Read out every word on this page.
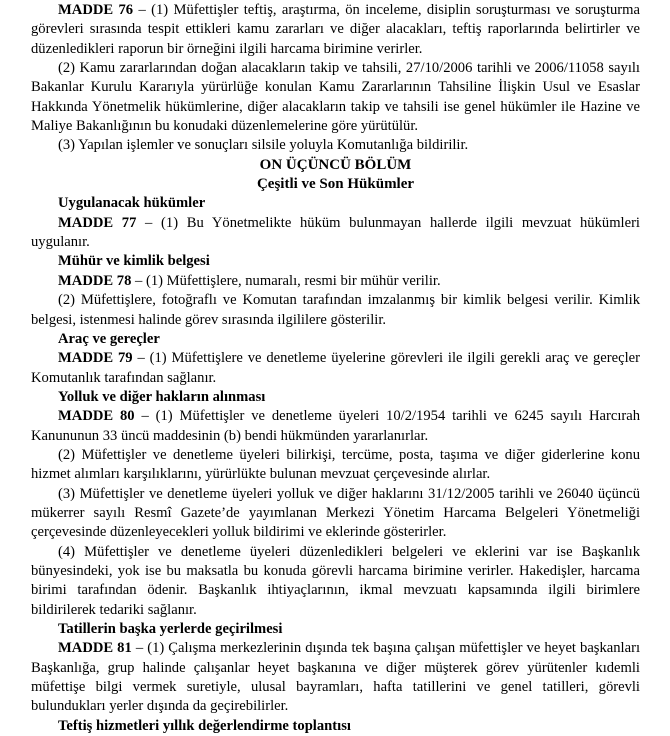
MADDE 76 – (1) Müfettişler teftiş, araştırma, ön inceleme, disiplin soruşturması ve soruşturma görevleri sırasında tespit ettikleri kamu zararları ve diğer alacakları, teftiş raporlarında belirtirler ve düzenledikleri raporun bir örneğini ilgili harcama birimine verirler.

(2) Kamu zararlarından doğan alacakların takip ve tahsili, 27/10/2006 tarihli ve 2006/11058 sayılı Bakanlar Kurulu Kararıyla yürürlüğe konulan Kamu Zararlarının Tahsiline İlişkin Usul ve Esaslar Hakkında Yönetmelik hükümlerine, diğer alacakların takip ve tahsili ise genel hükümler ile Hazine ve Maliye Bakanlığının bu konudaki düzenlemelerine göre yürütülür.

(3) Yapılan işlemler ve sonuçları silsile yoluyla Komutanlığa bildirilir.

ON ÜÇÜNCÜ BÖLÜM

Çeşitli ve Son Hükümler

Uygulanacak hükümler

MADDE 77 – (1) Bu Yönetmelikte hüküm bulunmayan hallerde ilgili mevzuat hükümleri uygulanır.

Mühür ve kimlik belgesi

MADDE 78 – (1) Müfettişlere, numaralı, resmi bir mühür verilir.

(2) Müfettişlere, fotoğraflı ve Komutan tarafından imzalanmış bir kimlik belgesi verilir. Kimlik belgesi, istenmesi halinde görev sırasında ilgililere gösterilir.

Araç ve gereçler

MADDE 79 – (1) Müfettişlere ve denetleme üyelerine görevleri ile ilgili gerekli araç ve gereçler Komutanlık tarafından sağlanır.

Yolluk ve diğer hakların alınması

MADDE 80 – (1) Müfettişler ve denetleme üyeleri 10/2/1954 tarihli ve 6245 sayılı Harcırah Kanununun 33 üncü maddesinin (b) bendi hükmünden yararlanırlar.

(2) Müfettişler ve denetleme üyeleri bilirkişi, tercüme, posta, taşıma ve diğer giderlerine konu hizmet alımları karşılıklarını, yürürlükte bulunan mevzuat çerçevesinde alırlar.

(3) Müfettişler ve denetleme üyeleri yolluk ve diğer haklarını 31/12/2005 tarihli ve 26040 üçüncü mükerrer sayılı Resmî Gazete’de yayımlanan Merkezi Yönetim Harcama Belgeleri Yönetmeliği çerçevesinde düzenleyecekleri yolluk bildirimi ve eklerinde gösterirler.

(4) Müfettişler ve denetleme üyeleri düzenledikleri belgeleri ve eklerini var ise Başkanlık bünyesindeki, yok ise bu maksatla bu konuda görevli harcama birimine verirler. Hakedişler, harcama birimi tarafından ödenir. Başkanlık ihtiyaçlarının, ikmal mevzuatı kapsamında ilgili birimlere bildirilerek tedariki sağlanır.

Tatillerin başka yerlerde geçirilmesi

MADDE 81 – (1) Çalışma merkezlerinin dışında tek başına çalışan müfettişler ve heyet başkanları Başkanlığa, grup halinde çalışanlar heyet başkanına ve diğer müşterek görev yürütenler kıdemli müfettişe bilgi vermek suretiyle, ulusal bayramları, hafta tatillerini ve genel tatilleri, görevli bulundukları yerler dışında da geçirebilirler.

Teftiş hizmetleri yıllık değerlendirme toplantısı
